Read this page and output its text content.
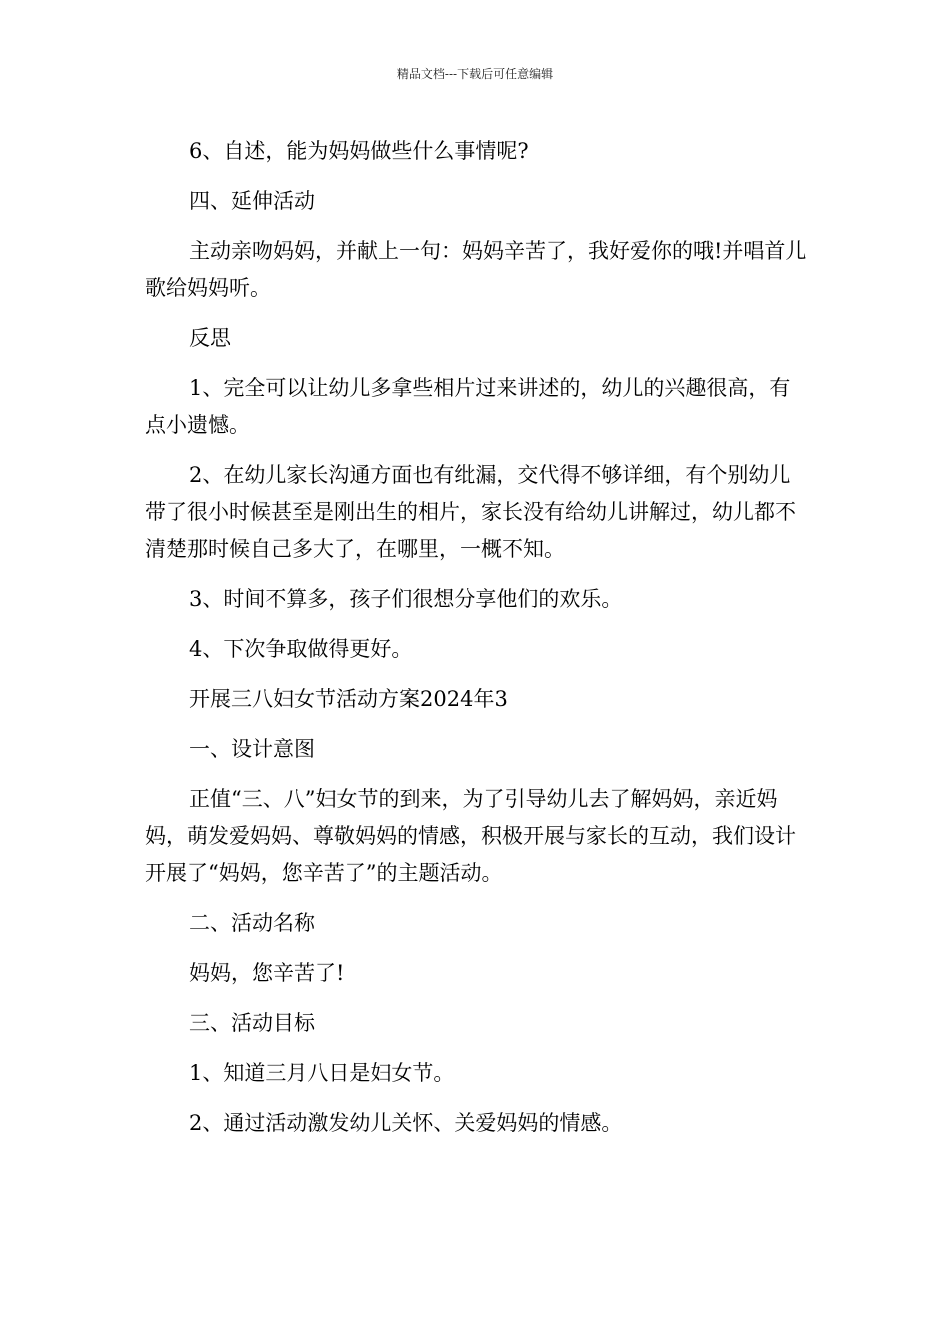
精品文档---下载后可任意编辑

6、自述，能为妈妈做些什么事情呢?

四、延伸活动

主动亲吻妈妈，并献上一句：妈妈辛苦了，我好爱你的哦!并唱首儿歌给妈妈听。

反思

1、完全可以让幼儿多拿些相片过来讲述的，幼儿的兴趣很高，有点小遗憾。

2、在幼儿家长沟通方面也有纰漏，交代得不够详细，有个别幼儿带了很小时候甚至是刚出生的相片，家长没有给幼儿讲解过，幼儿都不清楚那时候自己多大了，在哪里，一概不知。

3、时间不算多，孩子们很想分享他们的欢乐。

4、下次争取做得更好。

开展三八妇女节活动方案2024年3

一、设计意图

正值“三、八”妇女节的到来，为了引导幼儿去了解妈妈，亲近妈妈，萌发爱妈妈、尊敬妈妈的情感，积极开展与家长的互动，我们设计开展了“妈妈，您辛苦了”的主题活动。

二、活动名称

妈妈，您辛苦了!

三、活动目标

1、知道三月八日是妇女节。

2、通过活动激发幼儿关怀、关爱妈妈的情感。
